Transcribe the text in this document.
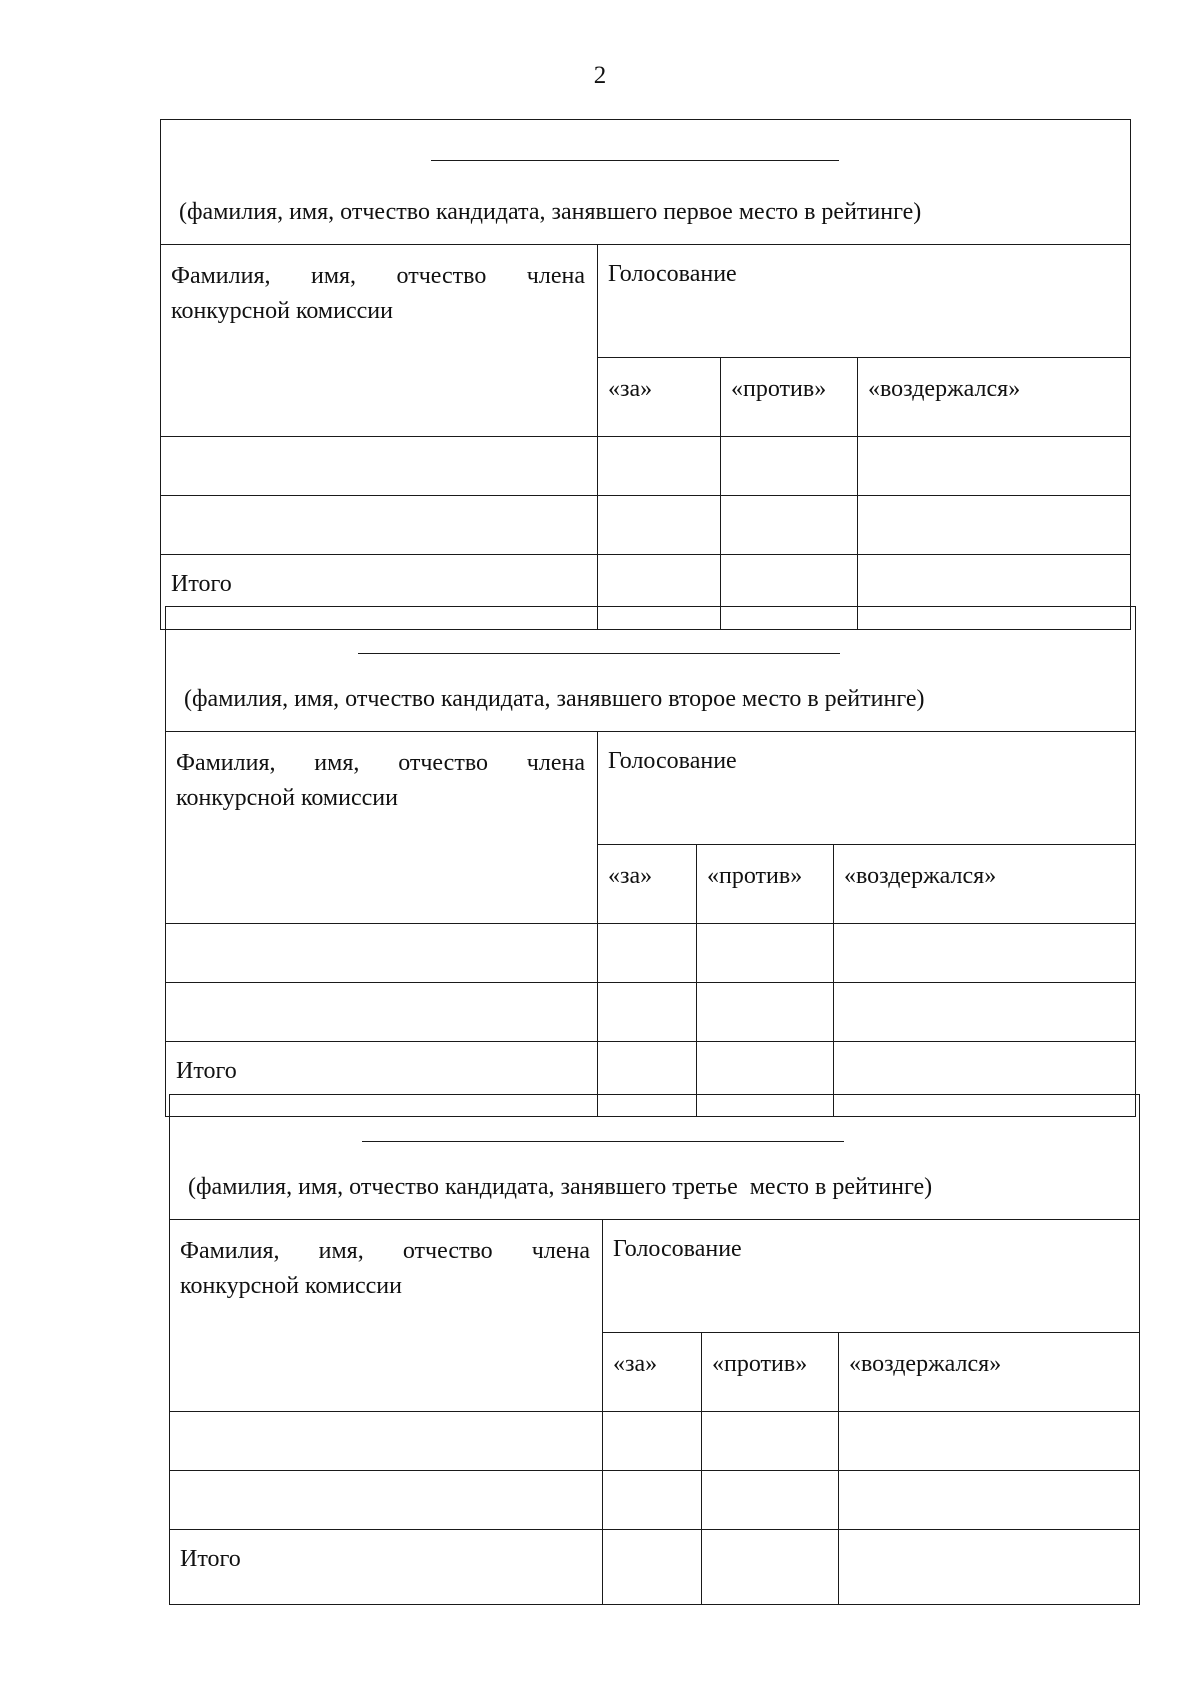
2
(фамилия, имя, отчество кандидата, занявшего первое место в рейтинге)			

Фамилия, имя, отчество члена конкурсной комиссии	Голосование		
	«за»	«против»	«воздержался»

Итого			
(фамилия, имя, отчество кандидата, занявшего второе место в рейтинге)			

Фамилия, имя, отчество члена конкурсной комиссии	Голосование		
	«за»	«против»	«воздержался»

Итого			
(фамилия, имя, отчество кандидата, занявшего третье  место в рейтинге)			

Фамилия, имя, отчество члена конкурсной комиссии	Голосование		
	«за»	«против»	«воздержался»

Итого			
